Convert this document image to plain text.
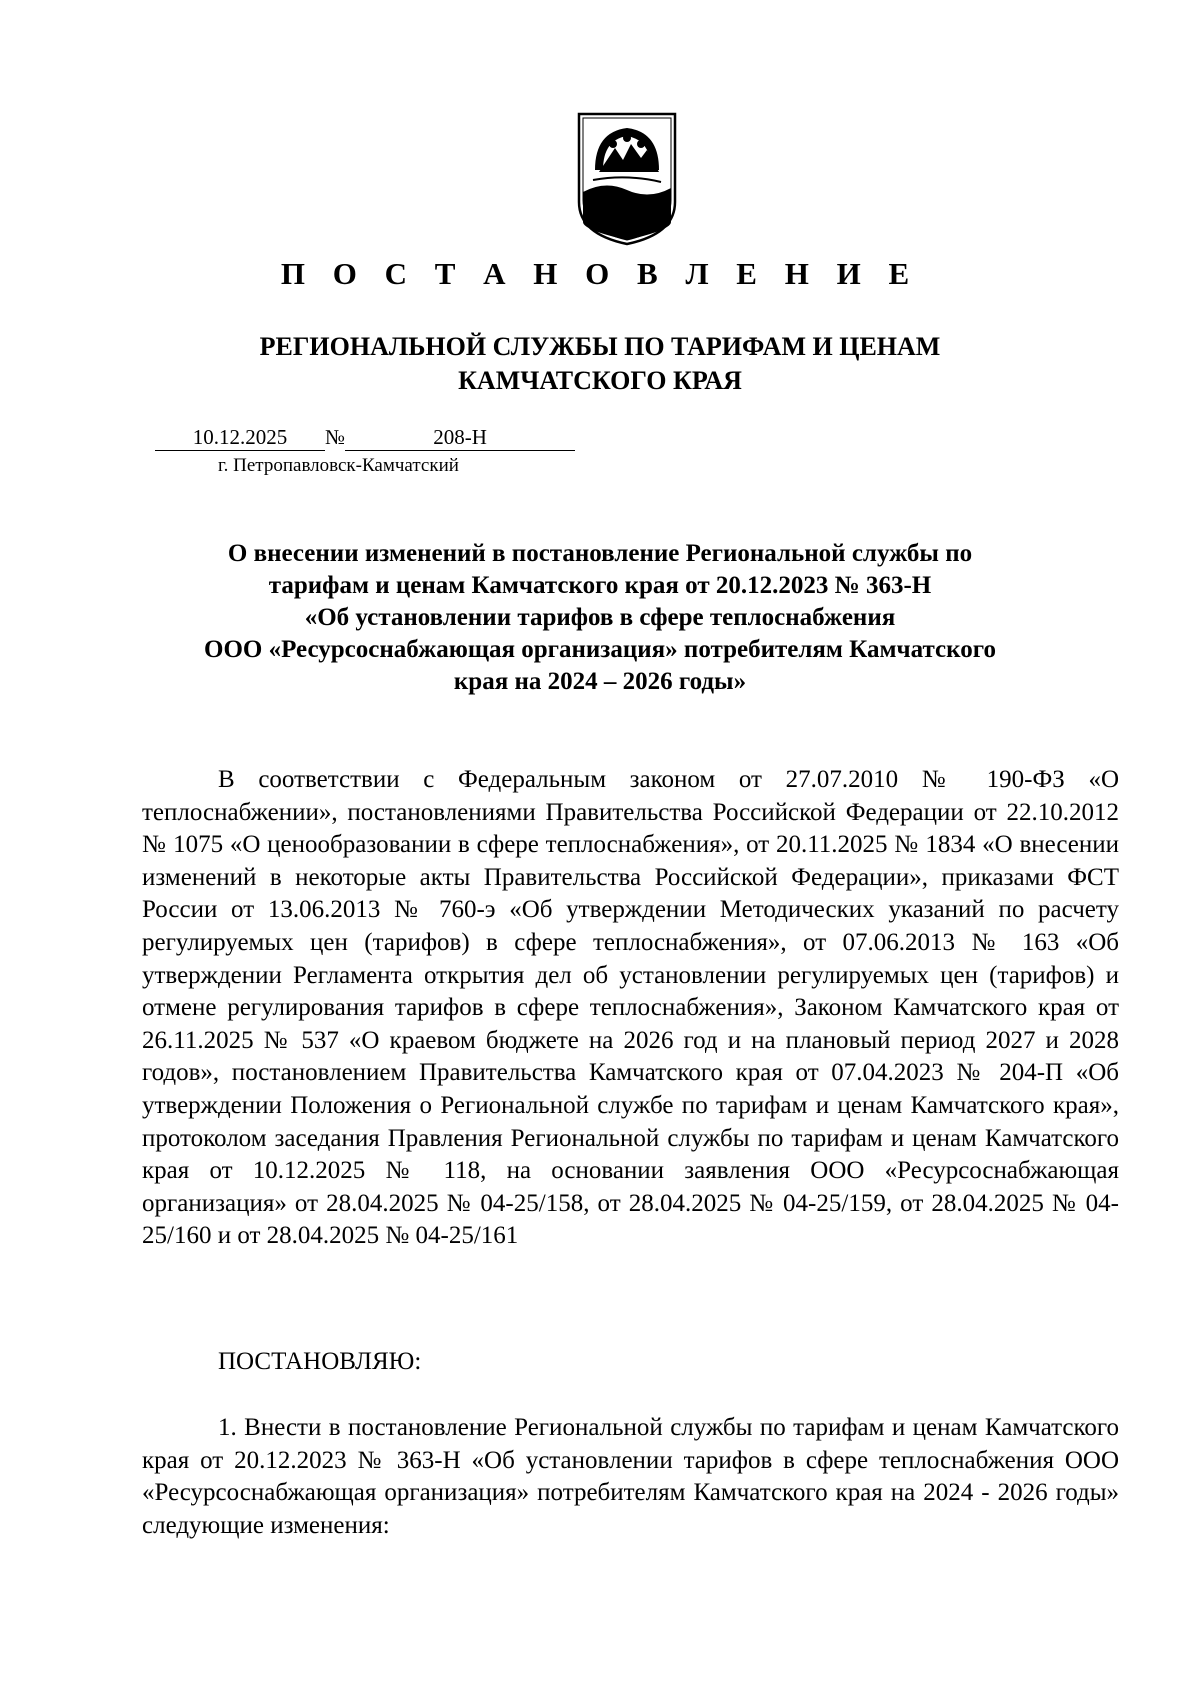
П О С Т А Н О В Л Е Н И Е
РЕГИОНАЛЬНОЙ СЛУЖБЫ ПО ТАРИФАМ И ЦЕНАМ
КАМЧАТСКОГО КРАЯ
10.12.2025 №	208-Н
г. Петропавловск-Камчатский
О внесении изменений в постановление Региональной службы по
тарифам и ценам Камчатского края от 20.12.2023 № 363-Н
«Об установлении тарифов в сфере теплоснабжения
ООО «Ресурсоснабжающая организация» потребителям Камчатского
края на 2024 – 2026 годы»
В соответствии с Федеральным законом от 27.07.2010 № 190-ФЗ «О теплоснабжении», постановлениями Правительства Российской Федерации от 22.10.2012 № 1075 «О ценообразовании в сфере теплоснабжения», от 20.11.2025 № 1834 «О внесении изменений в некоторые акты Правительства Российской Федерации», приказами ФСТ России от 13.06.2013 № 760-э «Об утверждении Методических указаний по расчету регулируемых цен (тарифов) в сфере теплоснабжения», от 07.06.2013 № 163 «Об утверждении Регламента открытия дел об установлении регулируемых цен (тарифов) и отмене регулирования тарифов в сфере теплоснабжения», Законом Камчатского края от 26.11.2025 № 537 «О краевом бюджете на 2026 год и на плановый период 2027 и 2028 годов», постановлением Правительства Камчатского края от 07.04.2023 № 204-П «Об утверждении Положения о Региональной службе по тарифам и ценам Камчатского края», протоколом заседания Правления Региональной службы по тарифам и ценам Камчатского края от 10.12.2025 № 118, на основании заявления ООО «Ресурсоснабжающая организация» от 28.04.2025 № 04-25/158, от 28.04.2025 № 04-25/159, от 28.04.2025 № 04-25/160 и от 28.04.2025 № 04-25/161
ПОСТАНОВЛЯЮ:
1. Внести в постановление Региональной службы по тарифам и ценам Камчатского края от 20.12.2023 № 363-Н «Об установлении тарифов в сфере теплоснабжения ООО «Ресурсоснабжающая организация» потребителям Камчатского края на 2024 - 2026 годы» следующие изменения:
